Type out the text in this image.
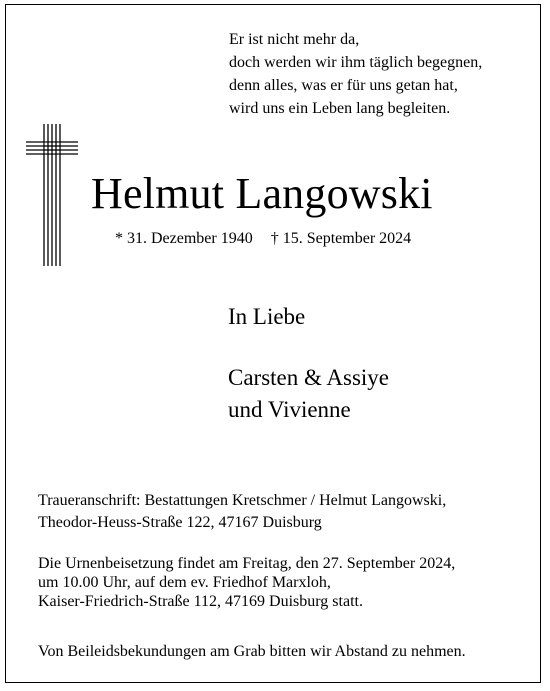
Er ist nicht mehr da,
doch werden wir ihm täglich begegnen,
denn alles, was er für uns getan hat,
wird uns ein Leben lang begleiten.
Helmut Langowski
* 31. Dezember 1940 † 15. September 2024
In Liebe
Carsten & Assiye
und Vivienne
Traueranschrift: Bestattungen Kretschmer / Helmut Langowski,
Theodor-Heuss-Straße 122, 47167 Duisburg
Die Urnenbeisetzung findet am Freitag, den 27. September 2024,
um 10.00 Uhr, auf dem ev. Friedhof Marxloh,
Kaiser-Friedrich-Straße 112, 47169 Duisburg statt.
Von Beileidsbekundungen am Grab bitten wir Abstand zu nehmen.
